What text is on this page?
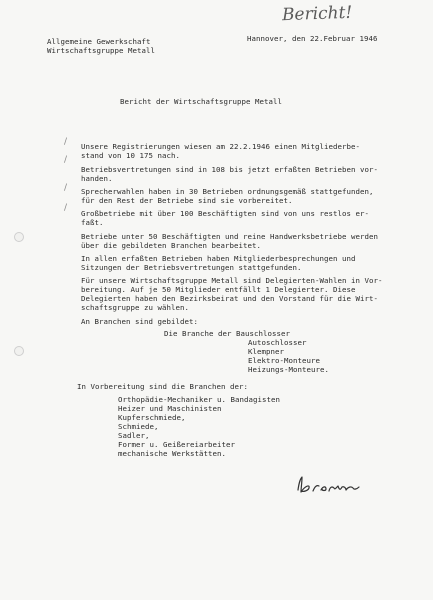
Bericht!
Allgemeine Gewerkschaft
Wirtschaftsgruppe Metall
Hannover, den 22.Februar 1946
Bericht der Wirtschaftsgruppe Metall
/
/
/
/
Unsere Registrierungen wiesen am 22.2.1946 einen Mitgliederbe-
stand von 10 175 nach.
Betriebsvertretungen sind in 108 bis jetzt erfaßten Betrieben vor-
handen.
Sprecherwahlen haben in 30 Betrieben ordnungsgemäß stattgefunden,
für den Rest der Betriebe sind sie vorbereitet.
Großbetriebe mit über 100 Beschäftigten sind von uns restlos er-
faßt.
Betriebe unter 50 Beschäftigten und reine Handwerksbetriebe werden
über die gebildeten Branchen bearbeitet.
In allen erfaßten Betrieben haben Mitgliederbesprechungen und
Sitzungen der Betriebsvertretungen stattgefunden.
Für unsere Wirtschaftsgruppe Metall sind Delegierten-Wahlen in Vor-
bereitung. Auf je 50 Mitglieder entfällt 1 Delegierter. Diese
Delegierten haben den Bezirksbeirat und den Vorstand für die Wirt-
schaftsgruppe zu wählen.
An Branchen sind gebildet:
Die Branche der Bauschlosser
Autoschlosser
Klempner
Elektro-Monteure
Heizungs-Monteure.
In Vorbereitung sind die Branchen der:
Orthopädie-Mechaniker u. Bandagisten
Heizer und Maschinisten
Kupferschmiede,
Schmiede,
Sadler,
Former u. Geißereiarbeiter
mechanische Werkstätten.
